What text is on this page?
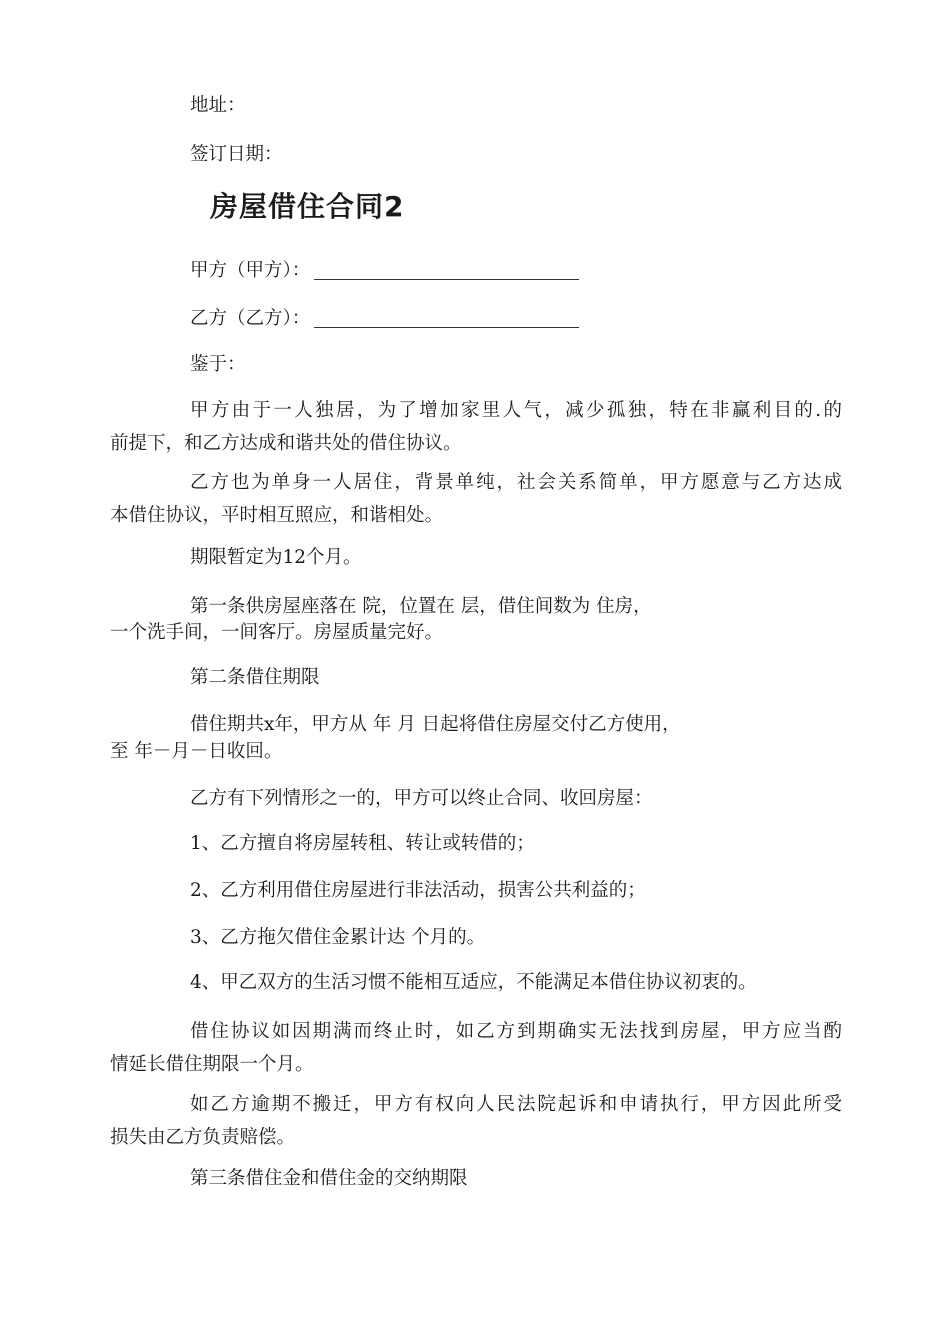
地址：
签订日期：
房屋借住合同2
甲方（甲方）：
乙方（乙方）：
鉴于：
甲方由于一人独居，为了增加家里人气，减少孤独，特在非赢利目的.的
前提下，和乙方达成和谐共处的借住协议。
乙方也为单身一人居住，背景单纯，社会关系简单，甲方愿意与乙方达成
本借住协议，平时相互照应，和谐相处。
期限暂定为12个月。
第一条供房屋座落在 院，位置在 层，借住间数为 住房，
一个洗手间，一间客厅。房屋质量完好。
第二条借住期限
借住期共x年，甲方从 年 月 日起将借住房屋交付乙方使用，
至 年－月－日收回。
乙方有下列情形之一的，甲方可以终止合同、收回房屋：
1、乙方擅自将房屋转租、转让或转借的；
2、乙方利用借住房屋进行非法活动，损害公共利益的；
3、乙方拖欠借住金累计达 个月的。
4、甲乙双方的生活习惯不能相互适应，不能满足本借住协议初衷的。
借住协议如因期满而终止时，如乙方到期确实无法找到房屋，甲方应当酌
情延长借住期限一个月。
如乙方逾期不搬迁，甲方有权向人民法院起诉和申请执行，甲方因此所受
损失由乙方负责赔偿。
第三条借住金和借住金的交纳期限
